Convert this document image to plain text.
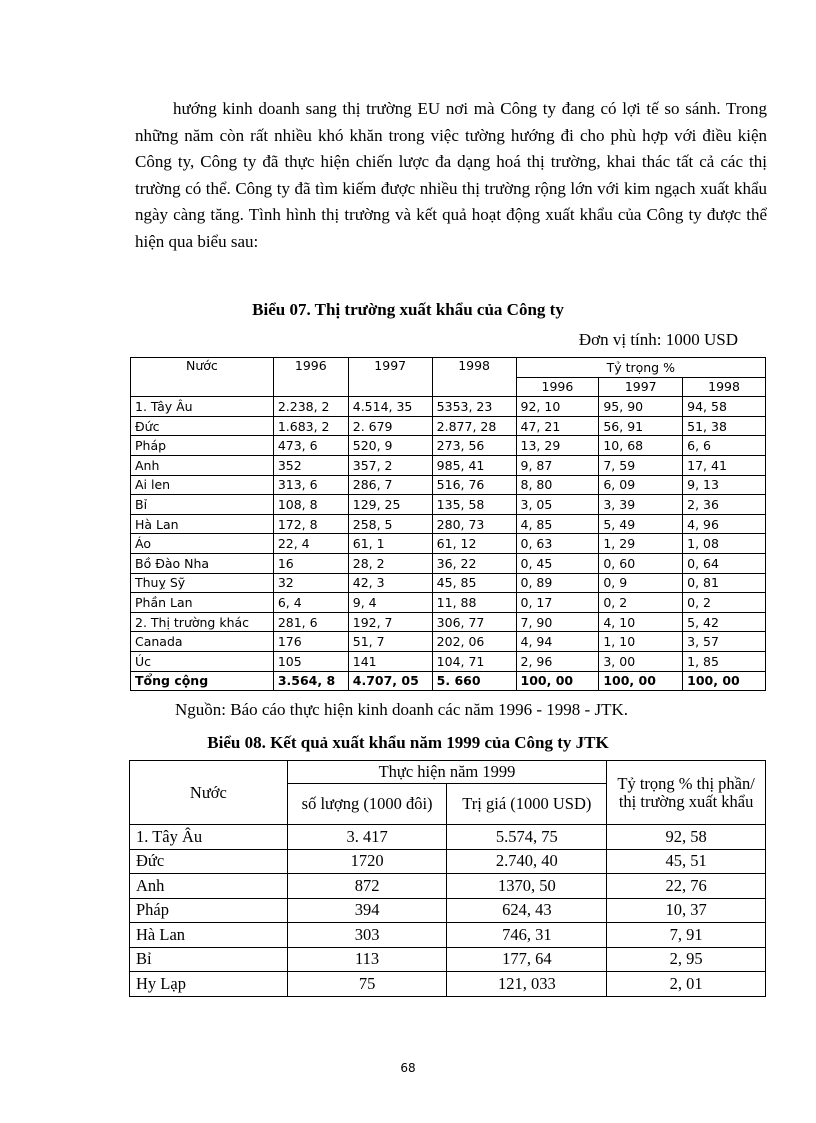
hướng kinh doanh sang thị trường EU nơi mà Công ty đang có lợi tế so sánh. Trong những năm còn rất nhiều khó khăn trong việc tường hướng đi cho phù hợp với điều kiện Công ty, Công ty đã thực hiện chiến lược đa dạng hoá thị trường, khai thác tất cả các thị trường có thể. Công ty đã tìm kiếm được nhiều thị trường rộng lớn với kim ngạch xuất khẩu ngày càng tăng. Tình hình thị trường và kết quả hoạt động xuất khẩu của Công ty được thể hiện qua biểu sau:
Biểu 07. Thị trường xuất khẩu của Công ty
Đơn vị tính: 1000 USD
Nước	1996	1997	1998	Tỷ trọng %		
				1996	1997	1998
1. Tây Âu	2.238, 2	4.514, 35	5353, 23	92, 10	95, 90	94, 58
Đức	1.683, 2	2. 679	2.877, 28	47, 21	56, 91	51, 38
Pháp	473, 6	520, 9	273, 56	13, 29	10, 68	6, 6
Anh	352	357, 2	985, 41	9, 87	7, 59	17, 41
Ai len	313, 6	286, 7	516, 76	8, 80	6, 09	9, 13
Bỉ	108, 8	129, 25	135, 58	3, 05	3, 39	2, 36
Hà Lan	172, 8	258, 5	280, 73	4, 85	5, 49	4, 96
Áo	22, 4	61, 1	61, 12	0, 63	1, 29	1, 08
Bồ Đào Nha	16	28, 2	36, 22	0, 45	0, 60	0, 64
Thuỵ Sỹ	32	42, 3	45, 85	0, 89	0, 9	0, 81
Phần Lan	6, 4	9, 4	11, 88	0, 17	0, 2	0, 2
2. Thị trường khác	281, 6	192, 7	306, 77	7, 90	4, 10	5, 42
Canada	176	51, 7	202, 06	4, 94	1, 10	3, 57
Úc	105	141	104, 71	2, 96	3, 00	1, 85
Tổng cộng	3.564, 8	4.707, 05	5. 660	100, 00	100, 00	100, 00
Nguồn: Báo cáo thực hiện kinh doanh các năm 1996 - 1998 - JTK.
Biểu 08. Kết quả xuất khẩu năm 1999 của Công ty JTK
Nước	Thực hiện năm 1999		Tỷ trọng % thị phần/ thị trường xuất khẩu
	số lượng (1000 đôi)	Trị giá (1000 USD)	
1. Tây Âu	3. 417	5.574, 75	92, 58
Đức	1720	2.740, 40	45, 51
Anh	872	1370, 50	22, 76
Pháp	394	624, 43	10, 37
Hà Lan	303	746, 31	7, 91
Bỉ	113	177, 64	2, 95
Hy Lạp	75	121, 033	2, 01
68
